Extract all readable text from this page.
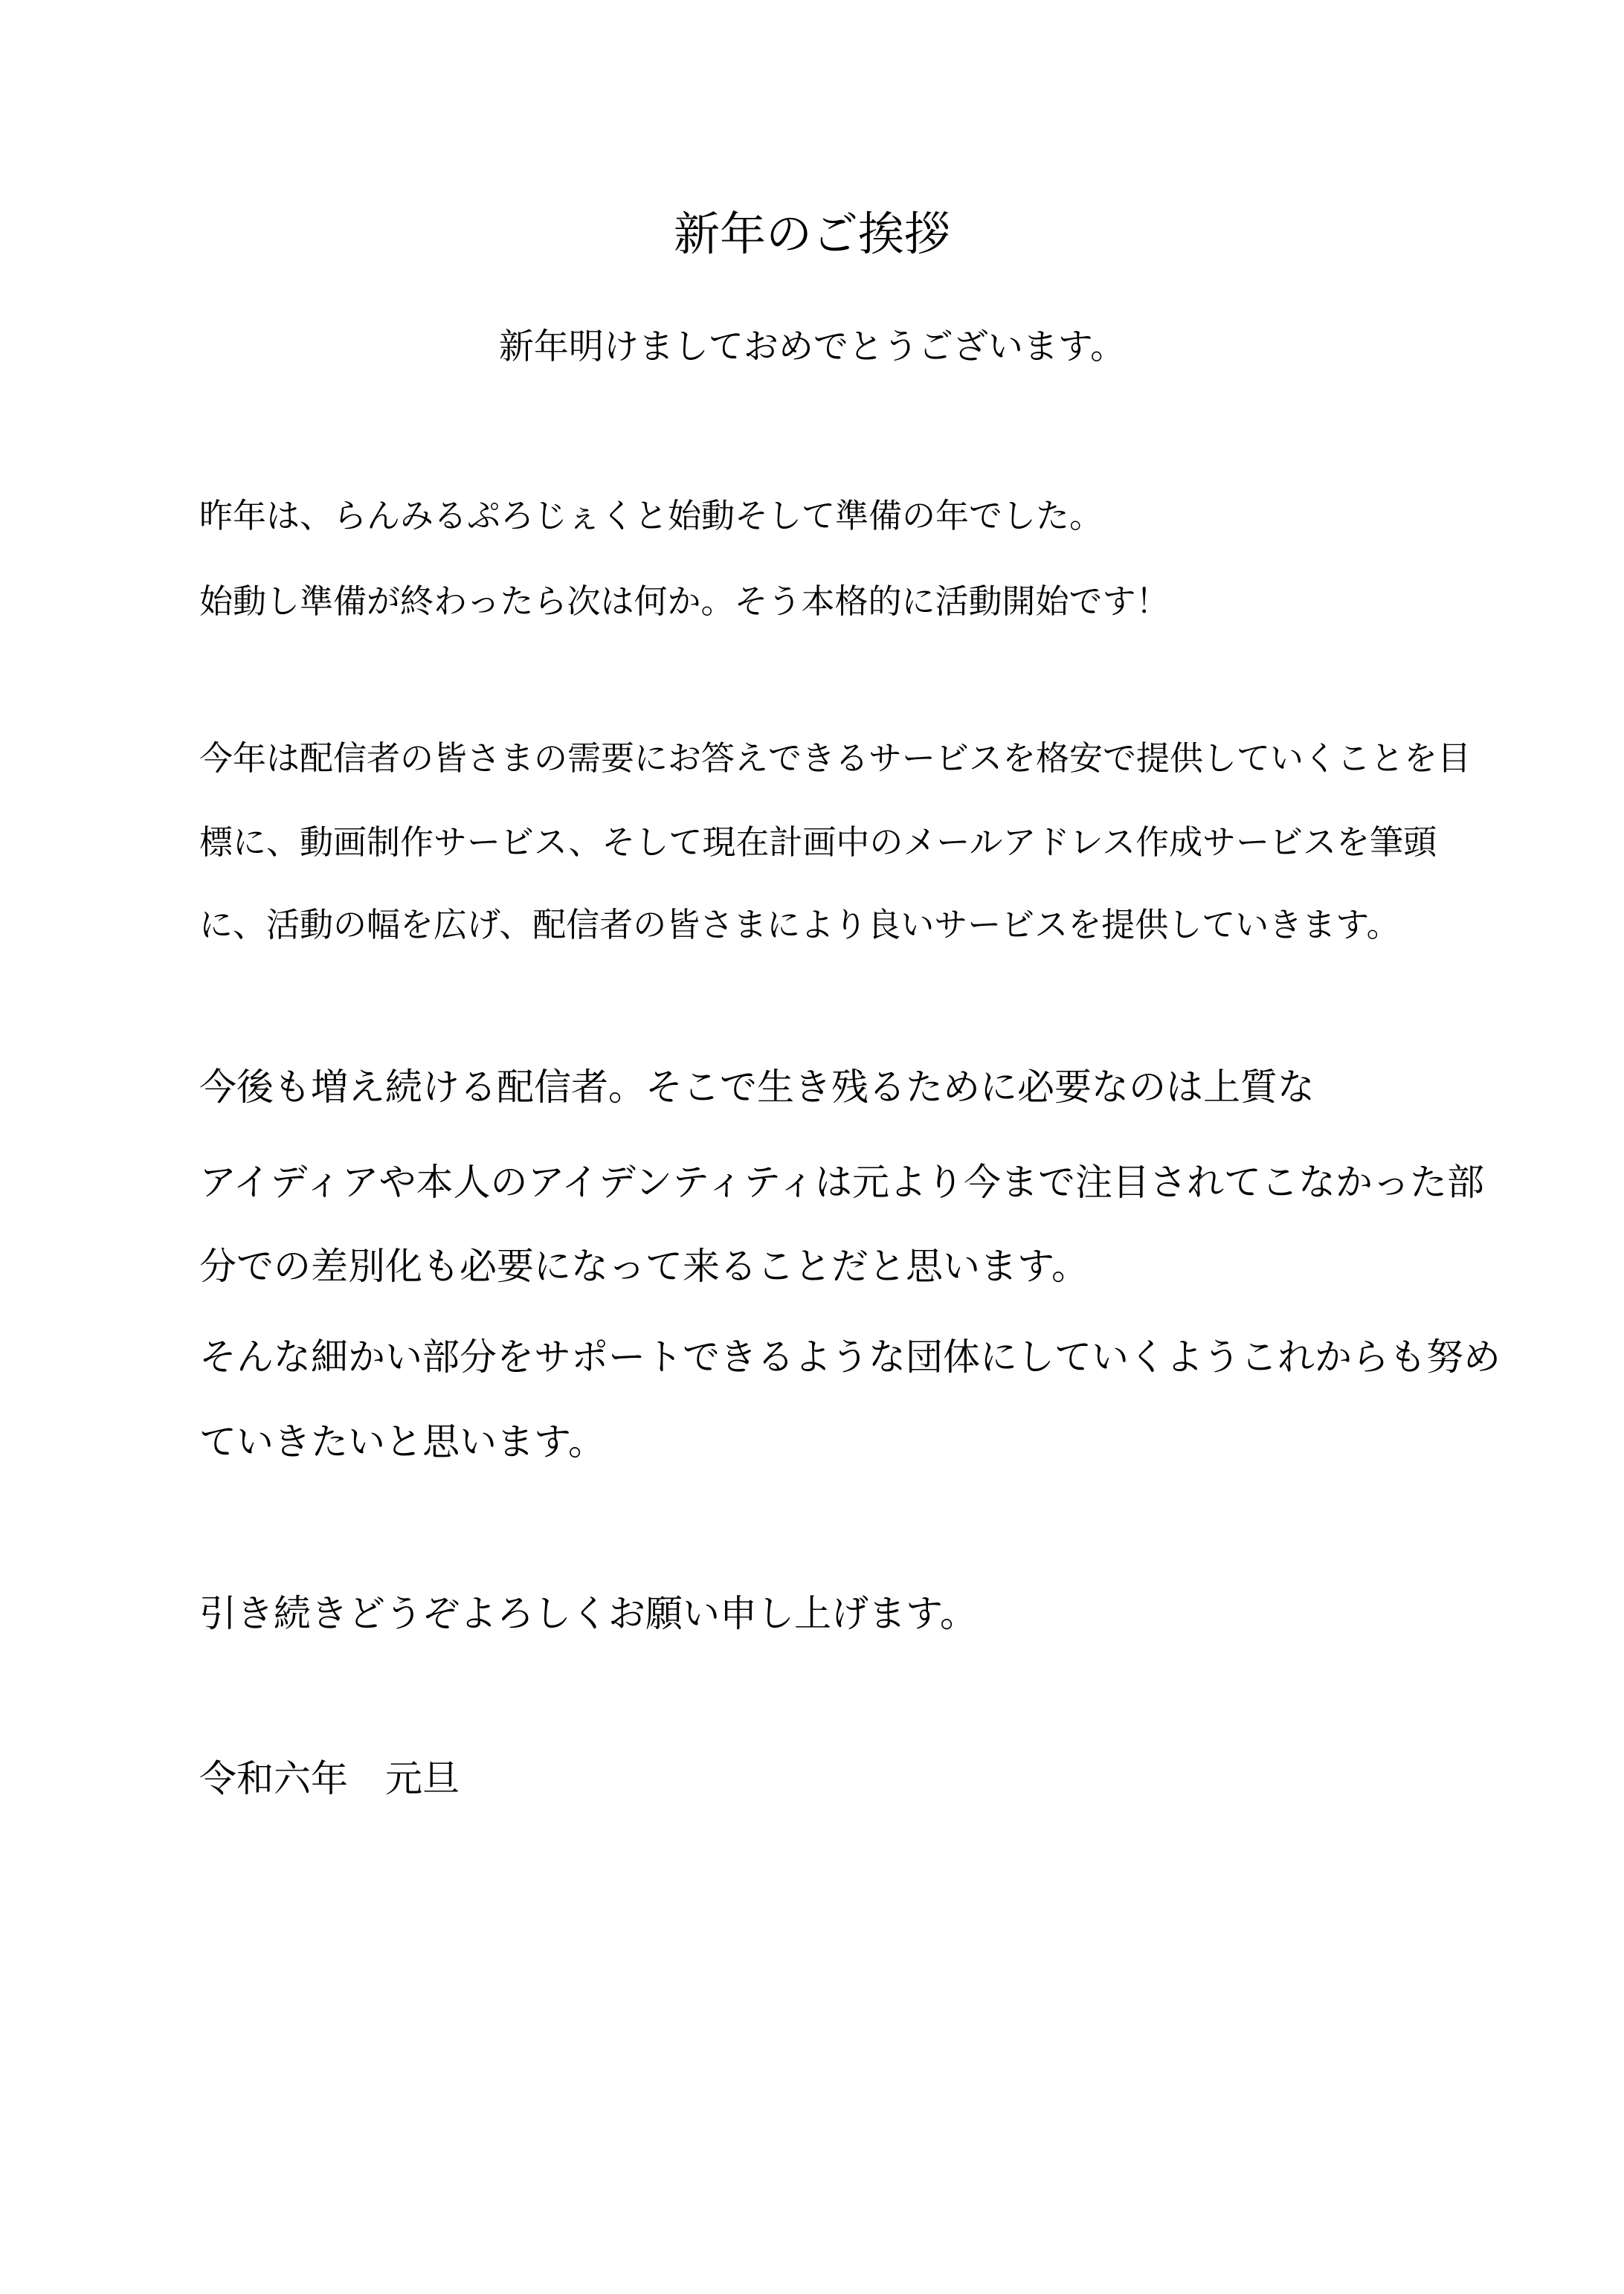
新年のご挨拶
新年明けましておめでとうございます。
昨年は、らんみるぷろじぇくと始動そして準備の年でした。
始動し準備が終わったら次は何か。そう本格的に活動開始です！
今年は配信者の皆さまの需要にお答えできるサービスを格安で提供していくことを目
標に、動画制作サービス、そして現在計画中のメールアドレス作成サービスを筆頭
に、活動の幅を広げ、配信者の皆さまにより良いサービスを提供していきます。
今後も増え続ける配信者。そこで生き残るために必要なのは上質な
アイディアや本人のアイデンティティは元より今まで注目されてこなかった部
分での差別化も必要になって来ることだと思います。
そんな細かい部分をサポートできるような団体にしていくようこれからも努め
ていきたいと思います。
引き続きどうぞよろしくお願い申し上げます。
令和六年　元旦
